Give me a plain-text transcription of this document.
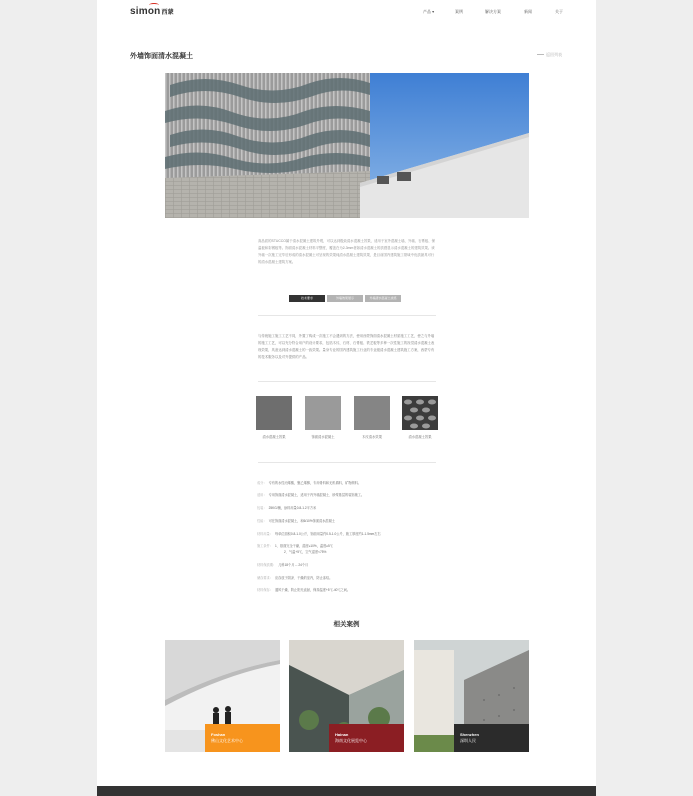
simon西蒙	产品 ▾	案例	解决方案	新闻	关于
外墙饰面清水混凝土	返回列表

高品质的STUCCO属于清水混凝土建筑外观，可以达到极致清水混凝土效果，适用于室外混凝土墙、外墙、石膏板、保温板和彩钢板等。饰面清水混凝土材料平整度，覆盖在为2-3mm者如清水混凝土的质感显示清水混凝土的建筑效果。该外墙一次施工完毕后形成的清水混凝土可呈现的效果纯清水混凝土建筑效果，是目前国内建筑施工领域中优质最具可行的清水混凝土建筑方案。

技术要求	外墙效果展示	外墙清水混凝土质感

与传统施工施工工艺不同，外置了构成一次施工不会遇到的方法，使用西蒙饰面清水混凝土材质施工工艺，使之与外墙的施工工艺，可以充分符合用户的设计要求，包括木纹、石材、石膏板、铁艺板等多种一次性施工的视觉清水混凝土表现效果，具备达到清水混凝土的一致效果。量身专业的国内建筑施工行业的专业级清水混凝土建筑施工方案，西蒙专有的技术服务以及对外提供的产品。

清水混凝土效果	饰面清水混凝土	木纹清水效果	清水混凝土效果
成分： 专有的水性丙烯酸，聚乙烯醇，专用骨料和无机填料，矿物颜料。
适用： 专用饰面清水混凝土，适用于内外墙混凝土、砂浆基层的装饰施工。
包装： 25KG/桶，涂料用量0.8-1.2平方米
性能： 可在饰面清水混凝土，和6/10%饰面清水混凝土
材料用量： 每单位面积0.8-1.0公斤，饰面用量约0.5-1.0公斤，施工厚度约1-1.5mm左右
施工条件： 1、基面完全干燥，湿度≤10%，温度≥5℃
2、气温+5℃，空气湿度<75%
材料保质期： 儿科18个月 -- 24个月
储存要求： 应存放于阴凉、干燥的室内，防止冻结。
材料保存： 通风干燥，防止阳光直射，保持温度+5℃-40℃之间。
相关案例
Foshan
佛山文化艺术中心
Hainan
海南文化展览中心
Shenzhen
深圳人民
